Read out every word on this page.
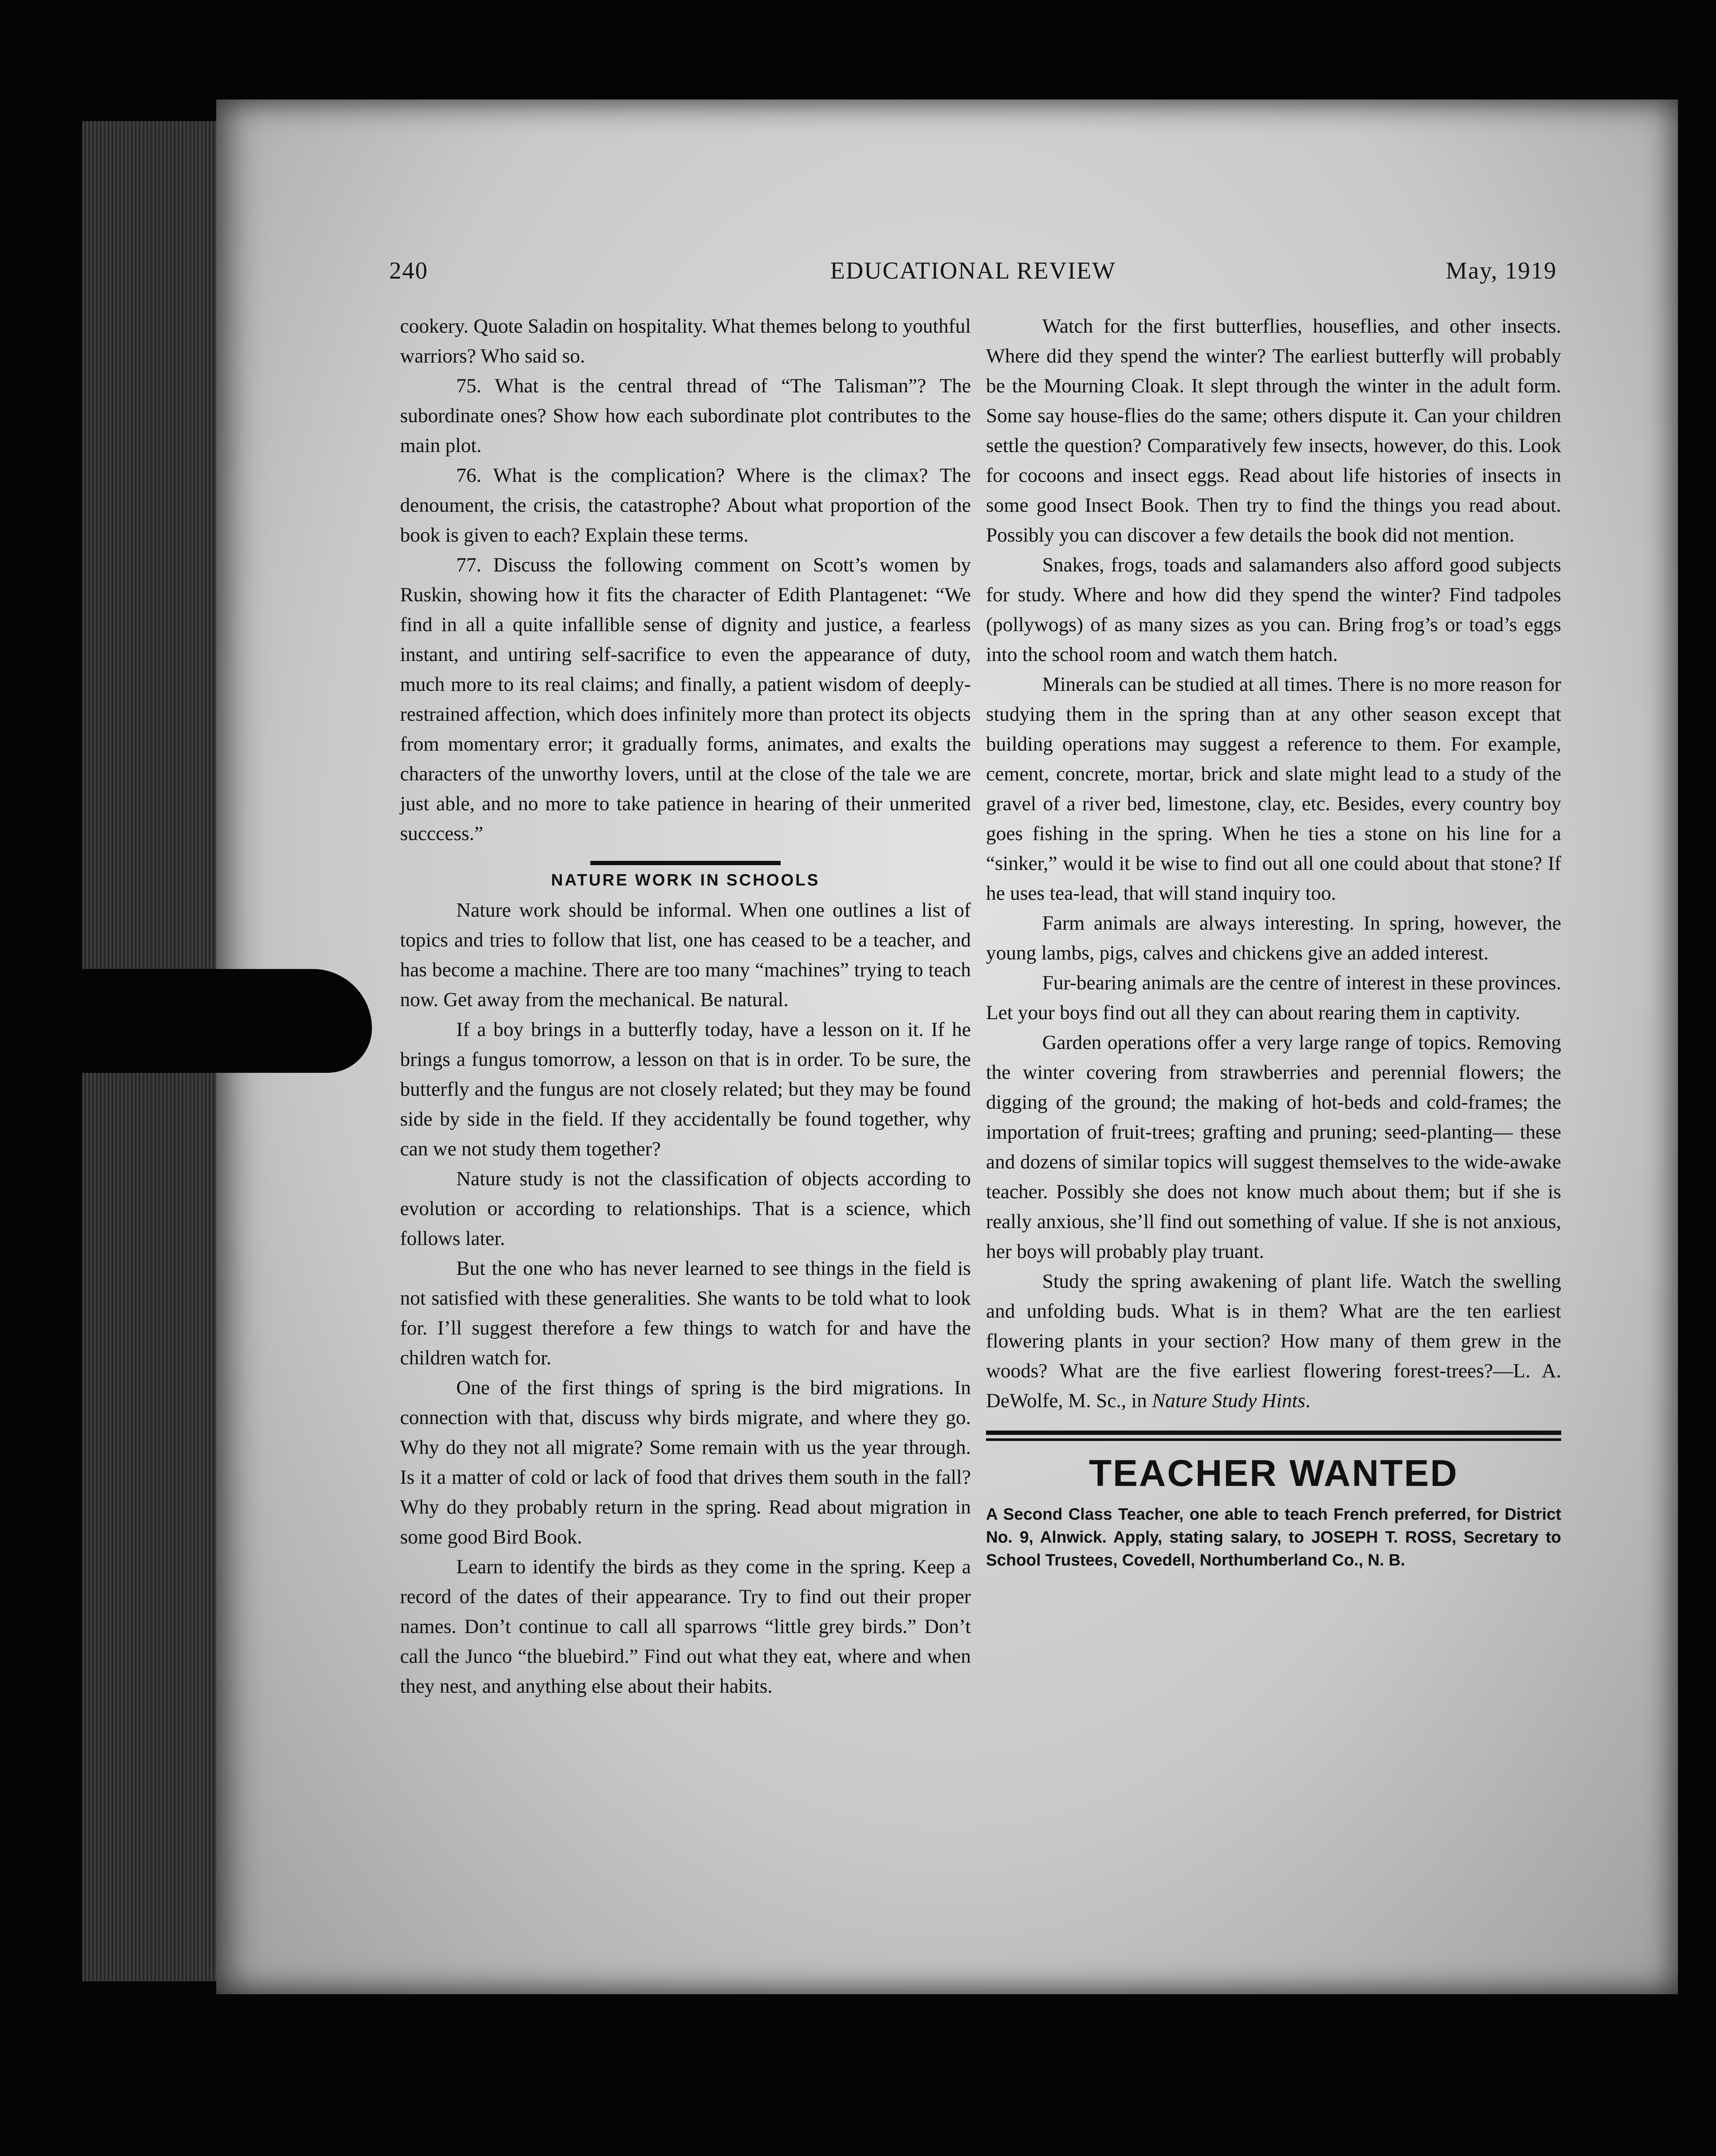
240	EDUCATIONAL REVIEW	May, 1919

cookery. Quote Saladin on hospitality. What themes belong to youthful warriors? Who said so.

75. What is the central thread of “The Talisman”? The subordinate ones? Show how each subordinate plot contributes to the main plot.

76. What is the complication? Where is the climax? The denoument, the crisis, the catastrophe? About what proportion of the book is given to each? Explain these terms.

77. Discuss the following comment on Scott’s women by Ruskin, showing how it fits the character of Edith Plantagenet: “We find in all a quite infallible sense of dignity and justice, a fearless instant, and untiring self-sacrifice to even the appearance of duty, much more to its real claims; and finally, a patient wisdom of deeply-restrained affection, which does infinitely more than protect its objects from momentary error; it gradually forms, animates, and exalts the characters of the unworthy lovers, until at the close of the tale we are just able, and no more to take patience in hearing of their unmerited succcess.”

NATURE WORK IN SCHOOLS

Nature work should be informal. When one outlines a list of topics and tries to follow that list, one has ceased to be a teacher, and has become a machine. There are too many “machines” trying to teach now. Get away from the mechanical. Be natural.

If a boy brings in a butterfly today, have a lesson on it. If he brings a fungus tomorrow, a lesson on that is in order. To be sure, the butterfly and the fungus are not closely related; but they may be found side by side in the field. If they accidentally be found together, why can we not study them together?

Nature study is not the classification of objects according to evolution or according to relationships. That is a science, which follows later.

But the one who has never learned to see things in the field is not satisfied with these generalities. She wants to be told what to look for. I’ll suggest therefore a few things to watch for and have the children watch for.

One of the first things of spring is the bird migrations. In connection with that, discuss why birds migrate, and where they go. Why do they not all migrate? Some remain with us the year through. Is it a matter of cold or lack of food that drives them south in the fall? Why do they probably return in the spring. Read about migration in some good Bird Book.

Learn to identify the birds as they come in the spring. Keep a record of the dates of their appearance. Try to find out their proper names. Don’t continue to call all sparrows “little grey birds.” Don’t call the Junco “the bluebird.” Find out what they eat, where and when they nest, and anything else about their habits.

Watch for the first butterflies, houseflies, and other insects. Where did they spend the winter? The earliest butterfly will probably be the Mourning Cloak. It slept through the winter in the adult form. Some say house-flies do the same; others dispute it. Can your children settle the question? Comparatively few insects, however, do this. Look for cocoons and insect eggs. Read about life histories of insects in some good Insect Book. Then try to find the things you read about. Possibly you can discover a few details the book did not mention.

Snakes, frogs, toads and salamanders also afford good subjects for study. Where and how did they spend the winter? Find tadpoles (pollywogs) of as many sizes as you can. Bring frog’s or toad’s eggs into the school room and watch them hatch.

Minerals can be studied at all times. There is no more reason for studying them in the spring than at any other season except that building operations may suggest a reference to them. For example, cement, concrete, mortar, brick and slate might lead to a study of the gravel of a river bed, limestone, clay, etc. Besides, every country boy goes fishing in the spring. When he ties a stone on his line for a “sinker,” would it be wise to find out all one could about that stone? If he uses tea-lead, that will stand inquiry too.

Farm animals are always interesting. In spring, however, the young lambs, pigs, calves and chickens give an added interest.

Fur-bearing animals are the centre of interest in these provinces. Let your boys find out all they can about rearing them in captivity.

Garden operations offer a very large range of topics. Removing the winter covering from strawberries and perennial flowers; the digging of the ground; the making of hot-beds and cold-frames; the importation of fruit-trees; grafting and pruning; seed-planting— these and dozens of similar topics will suggest themselves to the wide-awake teacher. Possibly she does not know much about them; but if she is really anxious, she’ll find out something of value. If she is not anxious, her boys will probably play truant.

Study the spring awakening of plant life. Watch the swelling and unfolding buds. What is in them? What are the ten earliest flowering plants in your section? How many of them grew in the woods? What are the five earliest flowering forest-trees?—L. A. DeWolfe, M. Sc., in Nature Study Hints.

TEACHER WANTED
A Second Class Teacher, one able to teach French preferred, for District No. 9, Alnwick. Apply, stating salary, to JOSEPH T. ROSS, Secretary to School Trustees, Covedell, Northumberland Co., N. B.
